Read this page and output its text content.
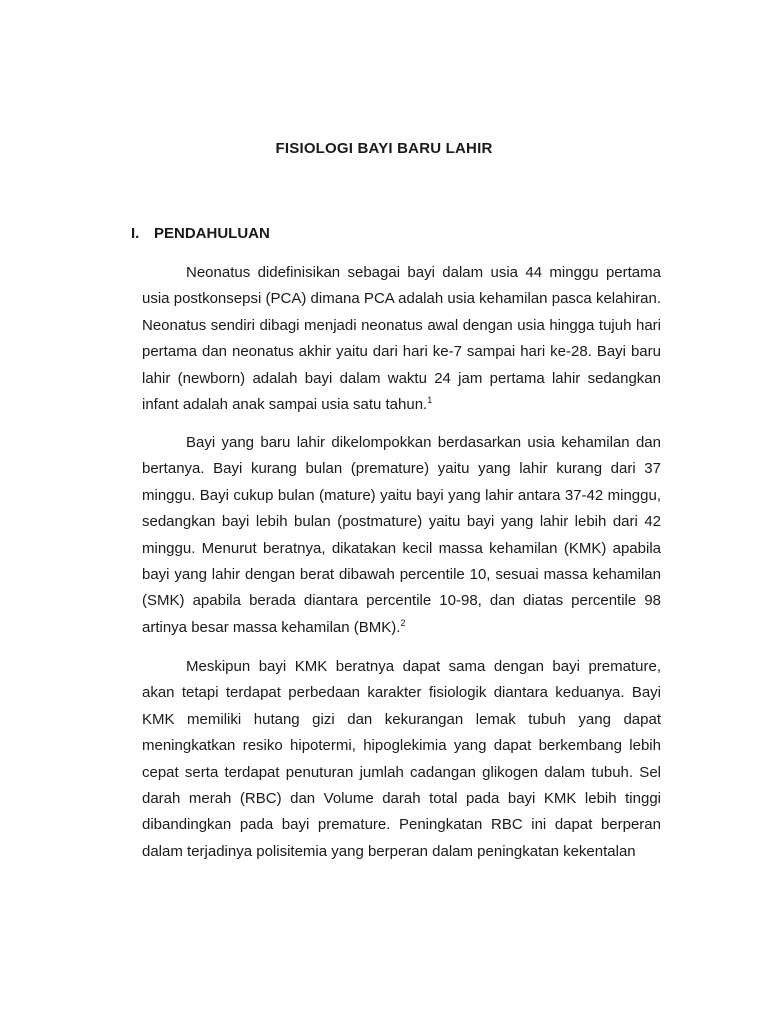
FISIOLOGI BAYI BARU LAHIR
I. PENDAHULUAN

Neonatus didefinisikan sebagai bayi dalam usia 44 minggu pertama usia postkonsepsi (PCA) dimana PCA adalah usia kehamilan pasca kelahiran. Neonatus sendiri dibagi menjadi neonatus awal dengan usia hingga tujuh hari pertama dan neonatus akhir yaitu dari hari ke-7 sampai hari ke-28. Bayi baru lahir (newborn) adalah bayi dalam waktu 24 jam pertama lahir sedangkan infant adalah anak sampai usia satu tahun.$^1$

Bayi yang baru lahir dikelompokkan berdasarkan usia kehamilan dan bertanya. Bayi kurang bulan (premature) yaitu yang lahir kurang dari 37 minggu. Bayi cukup bulan (mature) yaitu bayi yang lahir antara 37-42 minggu, sedangkan bayi lebih bulan (postmature) yaitu bayi yang lahir lebih dari 42 minggu. Menurut beratnya, dikatakan kecil massa kehamilan (KMK) apabila bayi yang lahir dengan berat dibawah percentile 10, sesuai massa kehamilan (SMK) apabila berada diantara percentile 10-98, dan diatas percentile 98 artinya besar massa kehamilan (BMK).$^2$

Meskipun bayi KMK beratnya dapat sama dengan bayi premature, akan tetapi terdapat perbedaan karakter fisiologik diantara keduanya. Bayi KMK memiliki hutang gizi dan kekurangan lemak tubuh yang dapat meningkatkan resiko hipotermi, hipoglekimia yang dapat berkembang lebih cepat serta terdapat penuturan jumlah cadangan glikogen dalam tubuh. Sel darah merah (RBC) dan Volume darah total pada bayi KMK lebih tinggi dibandingkan pada bayi premature. Peningkatan RBC ini dapat berperan dalam terjadinya polisitemia yang berperan dalam peningkatan kekentalan
